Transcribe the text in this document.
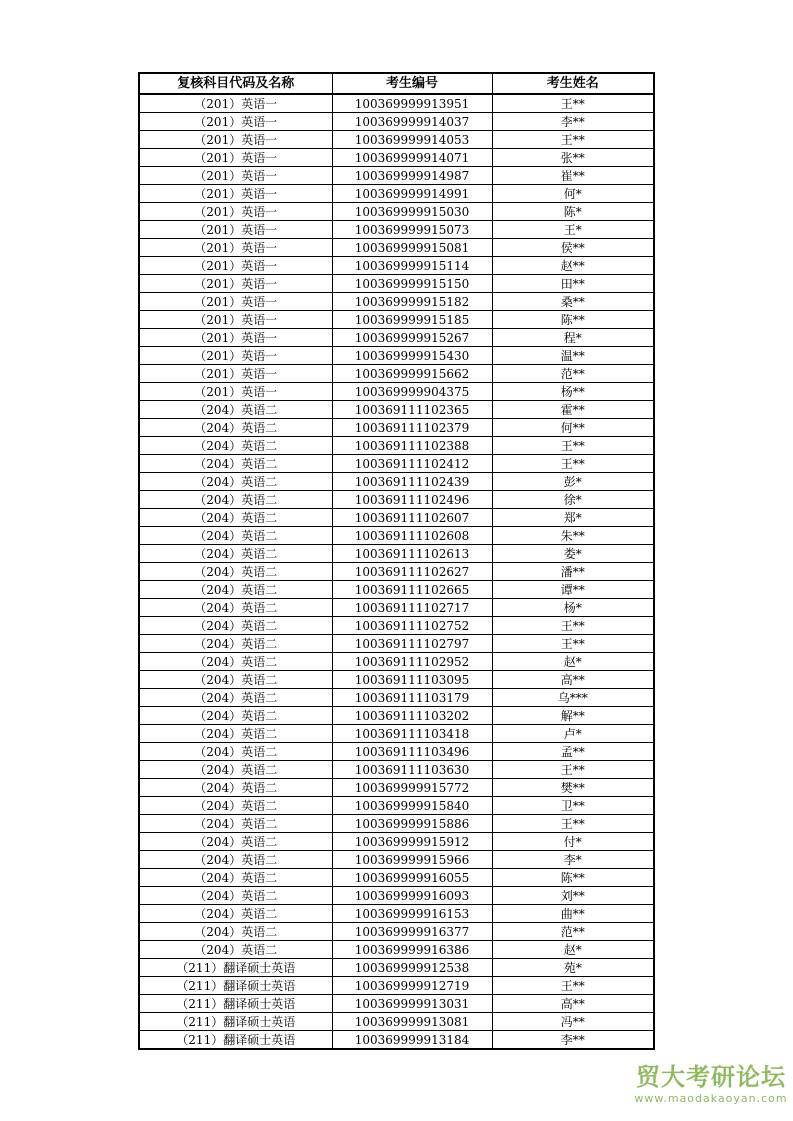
复核科目代码及名称	考生编号	考生姓名
（201）英语一	100369999913951	王**
（201）英语一	100369999914037	李**
（201）英语一	100369999914053	王**
（201）英语一	100369999914071	张**
（201）英语一	100369999914987	崔**
（201）英语一	100369999914991	何*
（201）英语一	100369999915030	陈*
（201）英语一	100369999915073	王*
（201）英语一	100369999915081	侯**
（201）英语一	100369999915114	赵**
（201）英语一	100369999915150	田**
（201）英语一	100369999915182	桑**
（201）英语一	100369999915185	陈**
（201）英语一	100369999915267	程*
（201）英语一	100369999915430	温**
（201）英语一	100369999915662	范**
（201）英语一	100369999904375	杨**
（204）英语二	100369111102365	霍**
（204）英语二	100369111102379	何**
（204）英语二	100369111102388	王**
（204）英语二	100369111102412	王**
（204）英语二	100369111102439	彭*
（204）英语二	100369111102496	徐*
（204）英语二	100369111102607	郑*
（204）英语二	100369111102608	朱**
（204）英语二	100369111102613	娄*
（204）英语二	100369111102627	潘**
（204）英语二	100369111102665	谭**
（204）英语二	100369111102717	杨*
（204）英语二	100369111102752	王**
（204）英语二	100369111102797	王**
（204）英语二	100369111102952	赵*
（204）英语二	100369111103095	高**
（204）英语二	100369111103179	乌***
（204）英语二	100369111103202	解**
（204）英语二	100369111103418	卢*
（204）英语二	100369111103496	孟**
（204）英语二	100369111103630	王**
（204）英语二	100369999915772	樊**
（204）英语二	100369999915840	卫**
（204）英语二	100369999915886	王**
（204）英语二	100369999915912	付*
（204）英语二	100369999915966	李*
（204）英语二	100369999916055	陈**
（204）英语二	100369999916093	刘**
（204）英语二	100369999916153	曲**
（204）英语二	100369999916377	范**
（204）英语二	100369999916386	赵*
（211）翻译硕士英语	100369999912538	苑*
（211）翻译硕士英语	100369999912719	王**
（211）翻译硕士英语	100369999913031	高**
（211）翻译硕士英语	100369999913081	冯**
（211）翻译硕士英语	100369999913184	李**
贸大考研论坛
www.maodakaoyan.com
